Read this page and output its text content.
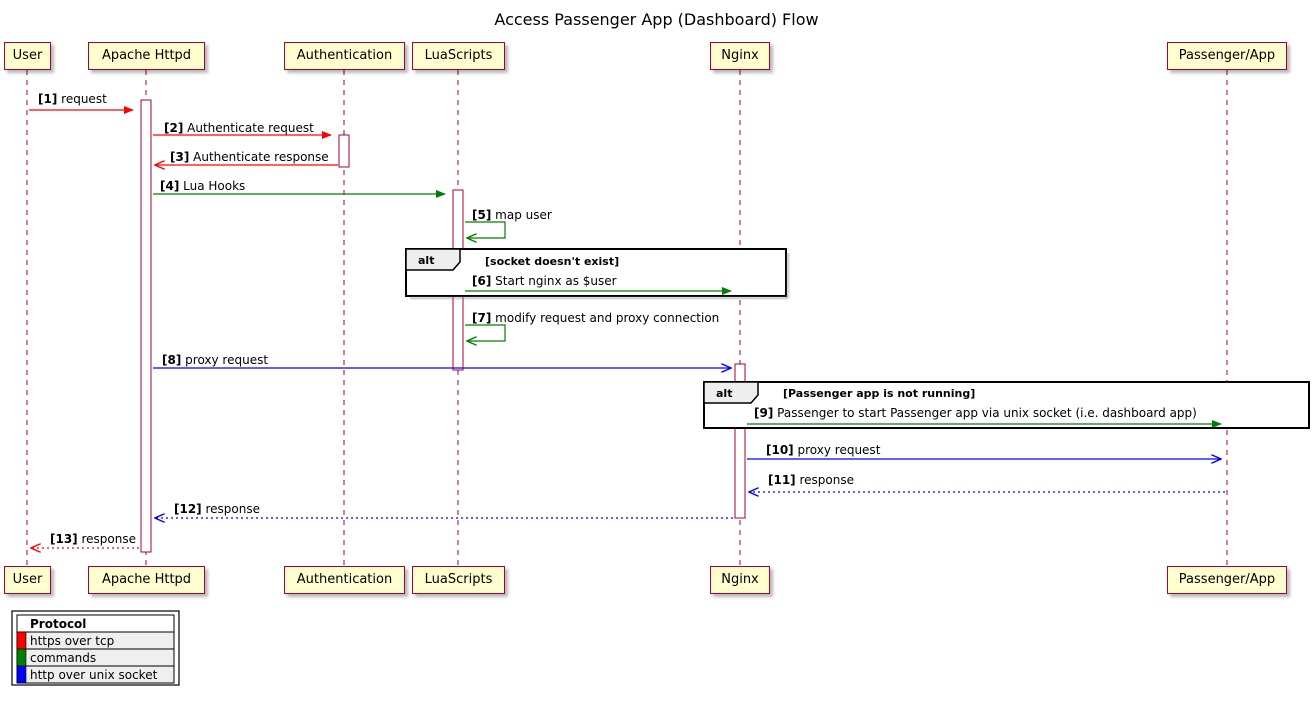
Access Passenger App (Dashboard) Flow
User	Apache Httpd	Authentication	LuaScripts	Nginx	Passenger/App
User	Apache Httpd	Authentication	LuaScripts	Nginx	Passenger/App
[1] request
[2] Authenticate request
[3] Authenticate response
[4] Lua Hooks
[5] map user
[6] Start nginx as $user
[7] modify request and proxy connection
[8] proxy request
[9] Passenger to start Passenger app via unix socket (i.e. dashboard app)
[10] proxy request
[11] response
[12] response
[13] response
alt	[socket doesn't exist]
alt	[Passenger app is not running]
Protocol
https over tcp
commands
http over unix socket
